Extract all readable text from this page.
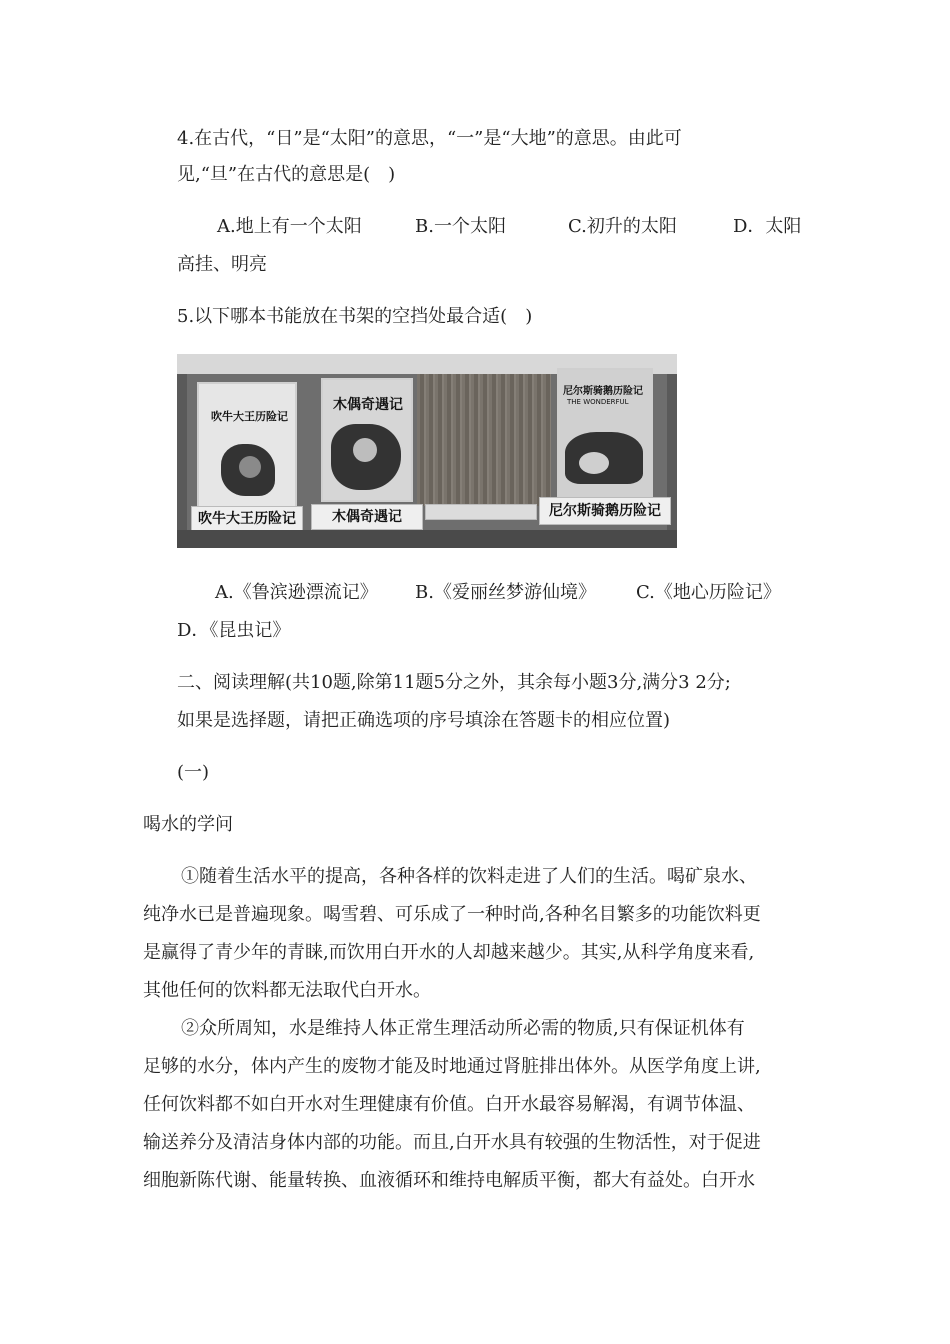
4.在古代，“日”是“太阳”的意思，“一”是“大地”的意思。由此可
见,“旦”在古代的意思是(　)
A.地上有一个太阳	B.一个太阳	C.初升的太阳	D．太阳
高挂、明亮
5.以下哪本书能放在书架的空挡处最合适(　)
吹牛大王历险记
木偶奇遇记
尼尔斯骑鹅历险记
THE WONDERFUL
吹牛大王历险记	木偶奇遇记	尼尔斯骑鹅历险记
A.《鲁滨逊漂流记》 B.《爱丽丝梦游仙境》 C.《地心历险记》
D．《昆虫记》
二、阅读理解(共10题,除第11题5分之外，其余每小题3分,满分3 2分;
如果是选择题，请把正确选项的序号填涂在答题卡的相应位置)
(一)
喝水的学问
①随着生活水平的提高，各种各样的饮料走进了人们的生活。喝矿泉水、
纯净水已是普遍现象。喝雪碧、可乐成了一种时尚,各种名目繁多的功能饮料更
是赢得了青少年的青睐,而饮用白开水的人却越来越少。其实,从科学角度来看,
其他任何的饮料都无法取代白开水。
②众所周知，水是维持人体正常生理活动所必需的物质,只有保证机体有
足够的水分，体内产生的废物才能及时地通过肾脏排出体外。从医学角度上讲,
任何饮料都不如白开水对生理健康有价值。白开水最容易解渴，有调节体温、
输送养分及清洁身体内部的功能。而且,白开水具有较强的生物活性，对于促进
细胞新陈代谢、能量转换、血液循环和维持电解质平衡，都大有益处。白开水
